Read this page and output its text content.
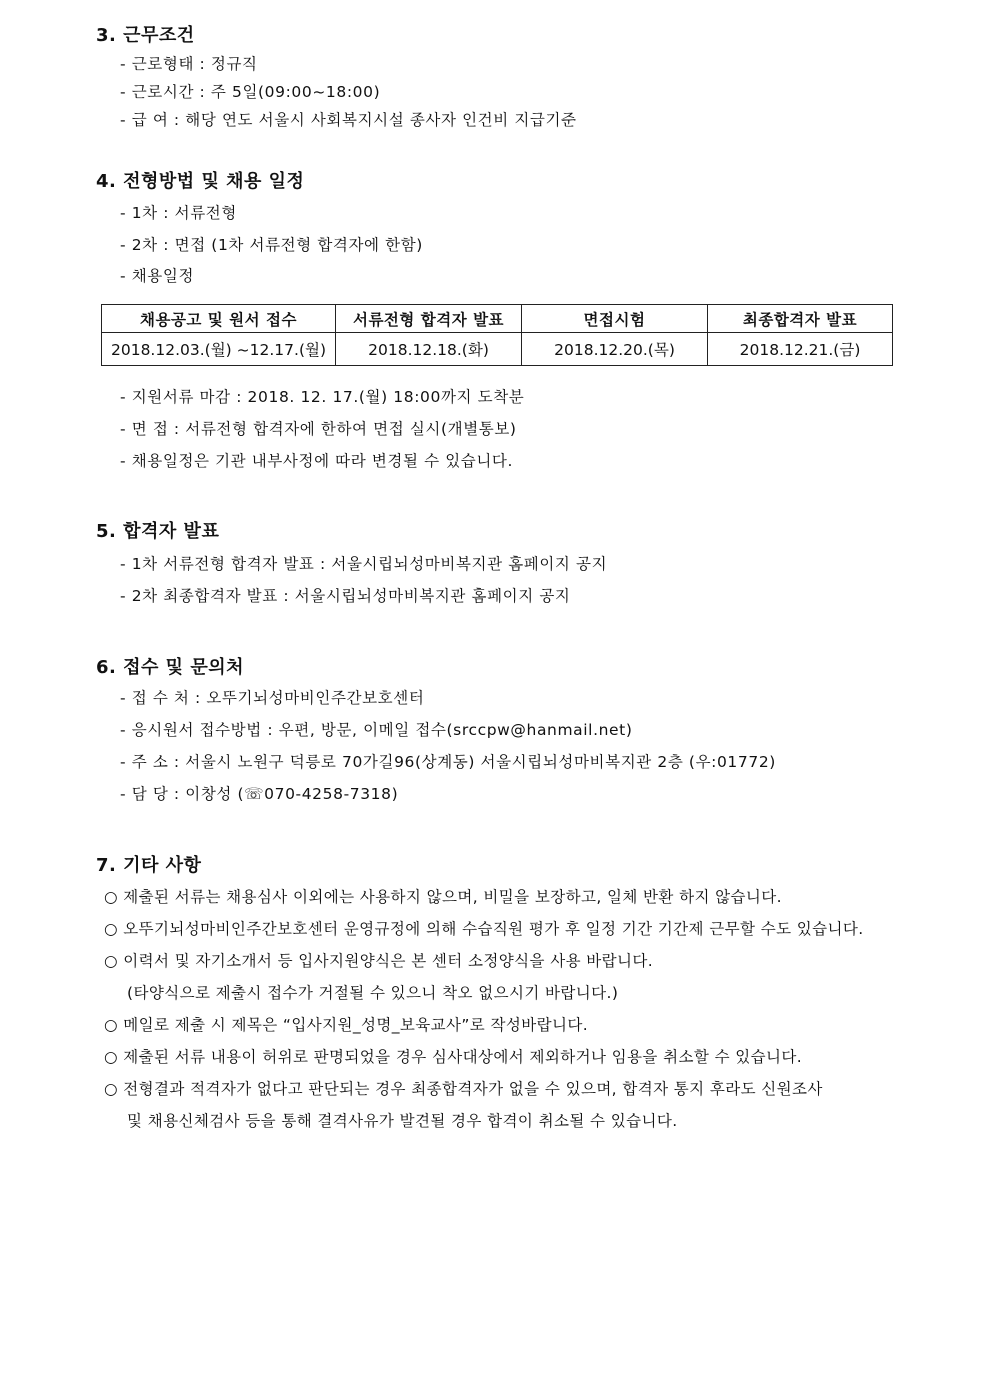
3. 근무조건
- 근로형태 : 정규직
- 근로시간 : 주 5일(09:00~18:00)
- 급 여 : 해당 연도 서울시 사회복지시설 종사자 인건비 지급기준
4. 전형방법 및 채용 일정
- 1차 : 서류전형
- 2차 : 면접 (1차 서류전형 합격자에 한함)
- 채용일정
채용공고 및 원서 접수	서류전형 합격자 발표	면접시험	최종합격자 발표
2018.12.03.(월) ~12.17.(월)	2018.12.18.(화)	2018.12.20.(목)	2018.12.21.(금)
- 지원서류 마감 : 2018. 12. 17.(월) 18:00까지 도착분
- 면 접 : 서류전형 합격자에 한하여 면접 실시(개별통보)
- 채용일정은 기관 내부사정에 따라 변경될 수 있습니다.
5. 합격자 발표
- 1차 서류전형 합격자 발표 : 서울시립뇌성마비복지관 홈페이지 공지
- 2차 최종합격자 발표 : 서울시립뇌성마비복지관 홈페이지 공지
6. 접수 및 문의처
- 접 수 처 : 오뚜기뇌성마비인주간보호센터
- 응시원서 접수방법 : 우편, 방문, 이메일 접수(srccpw@hanmail.net)
- 주 소 : 서울시 노원구 덕릉로 70가길96(상계동) 서울시립뇌성마비복지관 2층 (우:01772)
- 담 당 : 이창성 (☏070-4258-7318)
7. 기타 사항
○ 제출된 서류는 채용심사 이외에는 사용하지 않으며, 비밀을 보장하고, 일체 반환 하지 않습니다.
○ 오뚜기뇌성마비인주간보호센터 운영규정에 의해 수습직원 평가 후 일정 기간 기간제 근무할 수도 있습니다.
○ 이력서 및 자기소개서 등 입사지원양식은 본 센터 소정양식을 사용 바랍니다.
(타양식으로 제출시 접수가 거절될 수 있으니 착오 없으시기 바랍니다.)
○ 메일로 제출 시 제목은 “입사지원_성명_보육교사”로 작성바랍니다.
○ 제출된 서류 내용이 허위로 판명되었을 경우 심사대상에서 제외하거나 임용을 취소할 수 있습니다.
○ 전형결과 적격자가 없다고 판단되는 경우 최종합격자가 없을 수 있으며, 합격자 통지 후라도 신원조사
및 채용신체검사 등을 통해 결격사유가 발견될 경우 합격이 취소될 수 있습니다.
